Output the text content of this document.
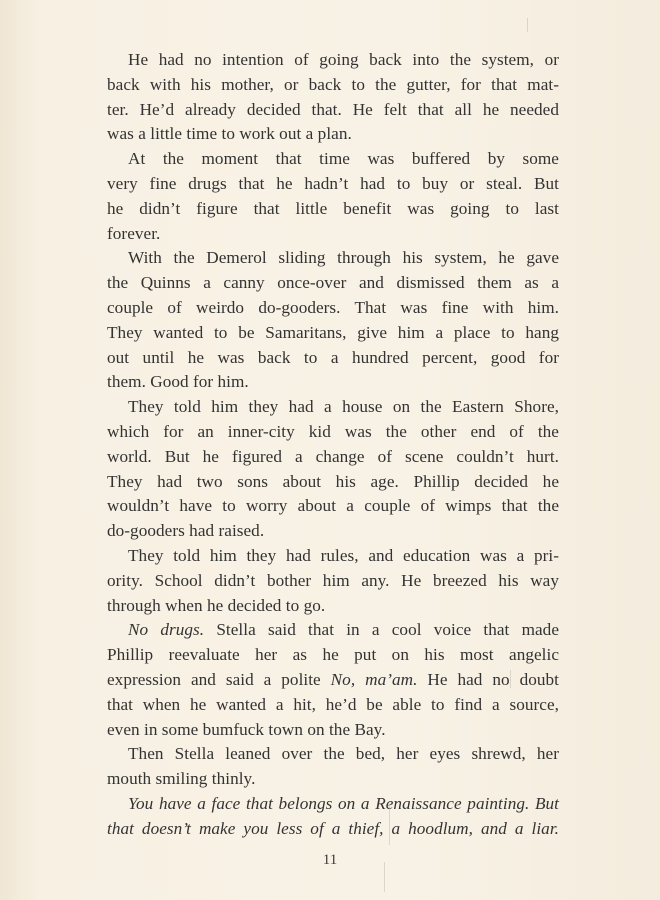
He had no intention of going back into the system, or
back with his mother, or back to the gutter, for that mat-
ter. He’d already decided that. He felt that all he needed
was a little time to work out a plan.
At the moment that time was buffered by some
very fine drugs that he hadn’t had to buy or steal. But
he didn’t figure that little benefit was going to last
forever.
With the Demerol sliding through his system, he gave
the Quinns a canny once-over and dismissed them as a
couple of weirdo do-gooders. That was fine with him.
They wanted to be Samaritans, give him a place to hang
out until he was back to a hundred percent, good for
them. Good for him.
They told him they had a house on the Eastern Shore,
which for an inner-city kid was the other end of the
world. But he figured a change of scene couldn’t hurt.
They had two sons about his age. Phillip decided he
wouldn’t have to worry about a couple of wimps that the
do-gooders had raised.
They told him they had rules, and education was a pri-
ority. School didn’t bother him any. He breezed his way
through when he decided to go.
No drugs. Stella said that in a cool voice that made
Phillip reevaluate her as he put on his most angelic
expression and said a polite No, ma’am. He had no doubt
that when he wanted a hit, he’d be able to find a source,
even in some bumfuck town on the Bay.
Then Stella leaned over the bed, her eyes shrewd, her
mouth smiling thinly.
You have a face that belongs on a Renaissance painting. But
that doesn’t make you less of a thief, a hoodlum, and a liar.
11
